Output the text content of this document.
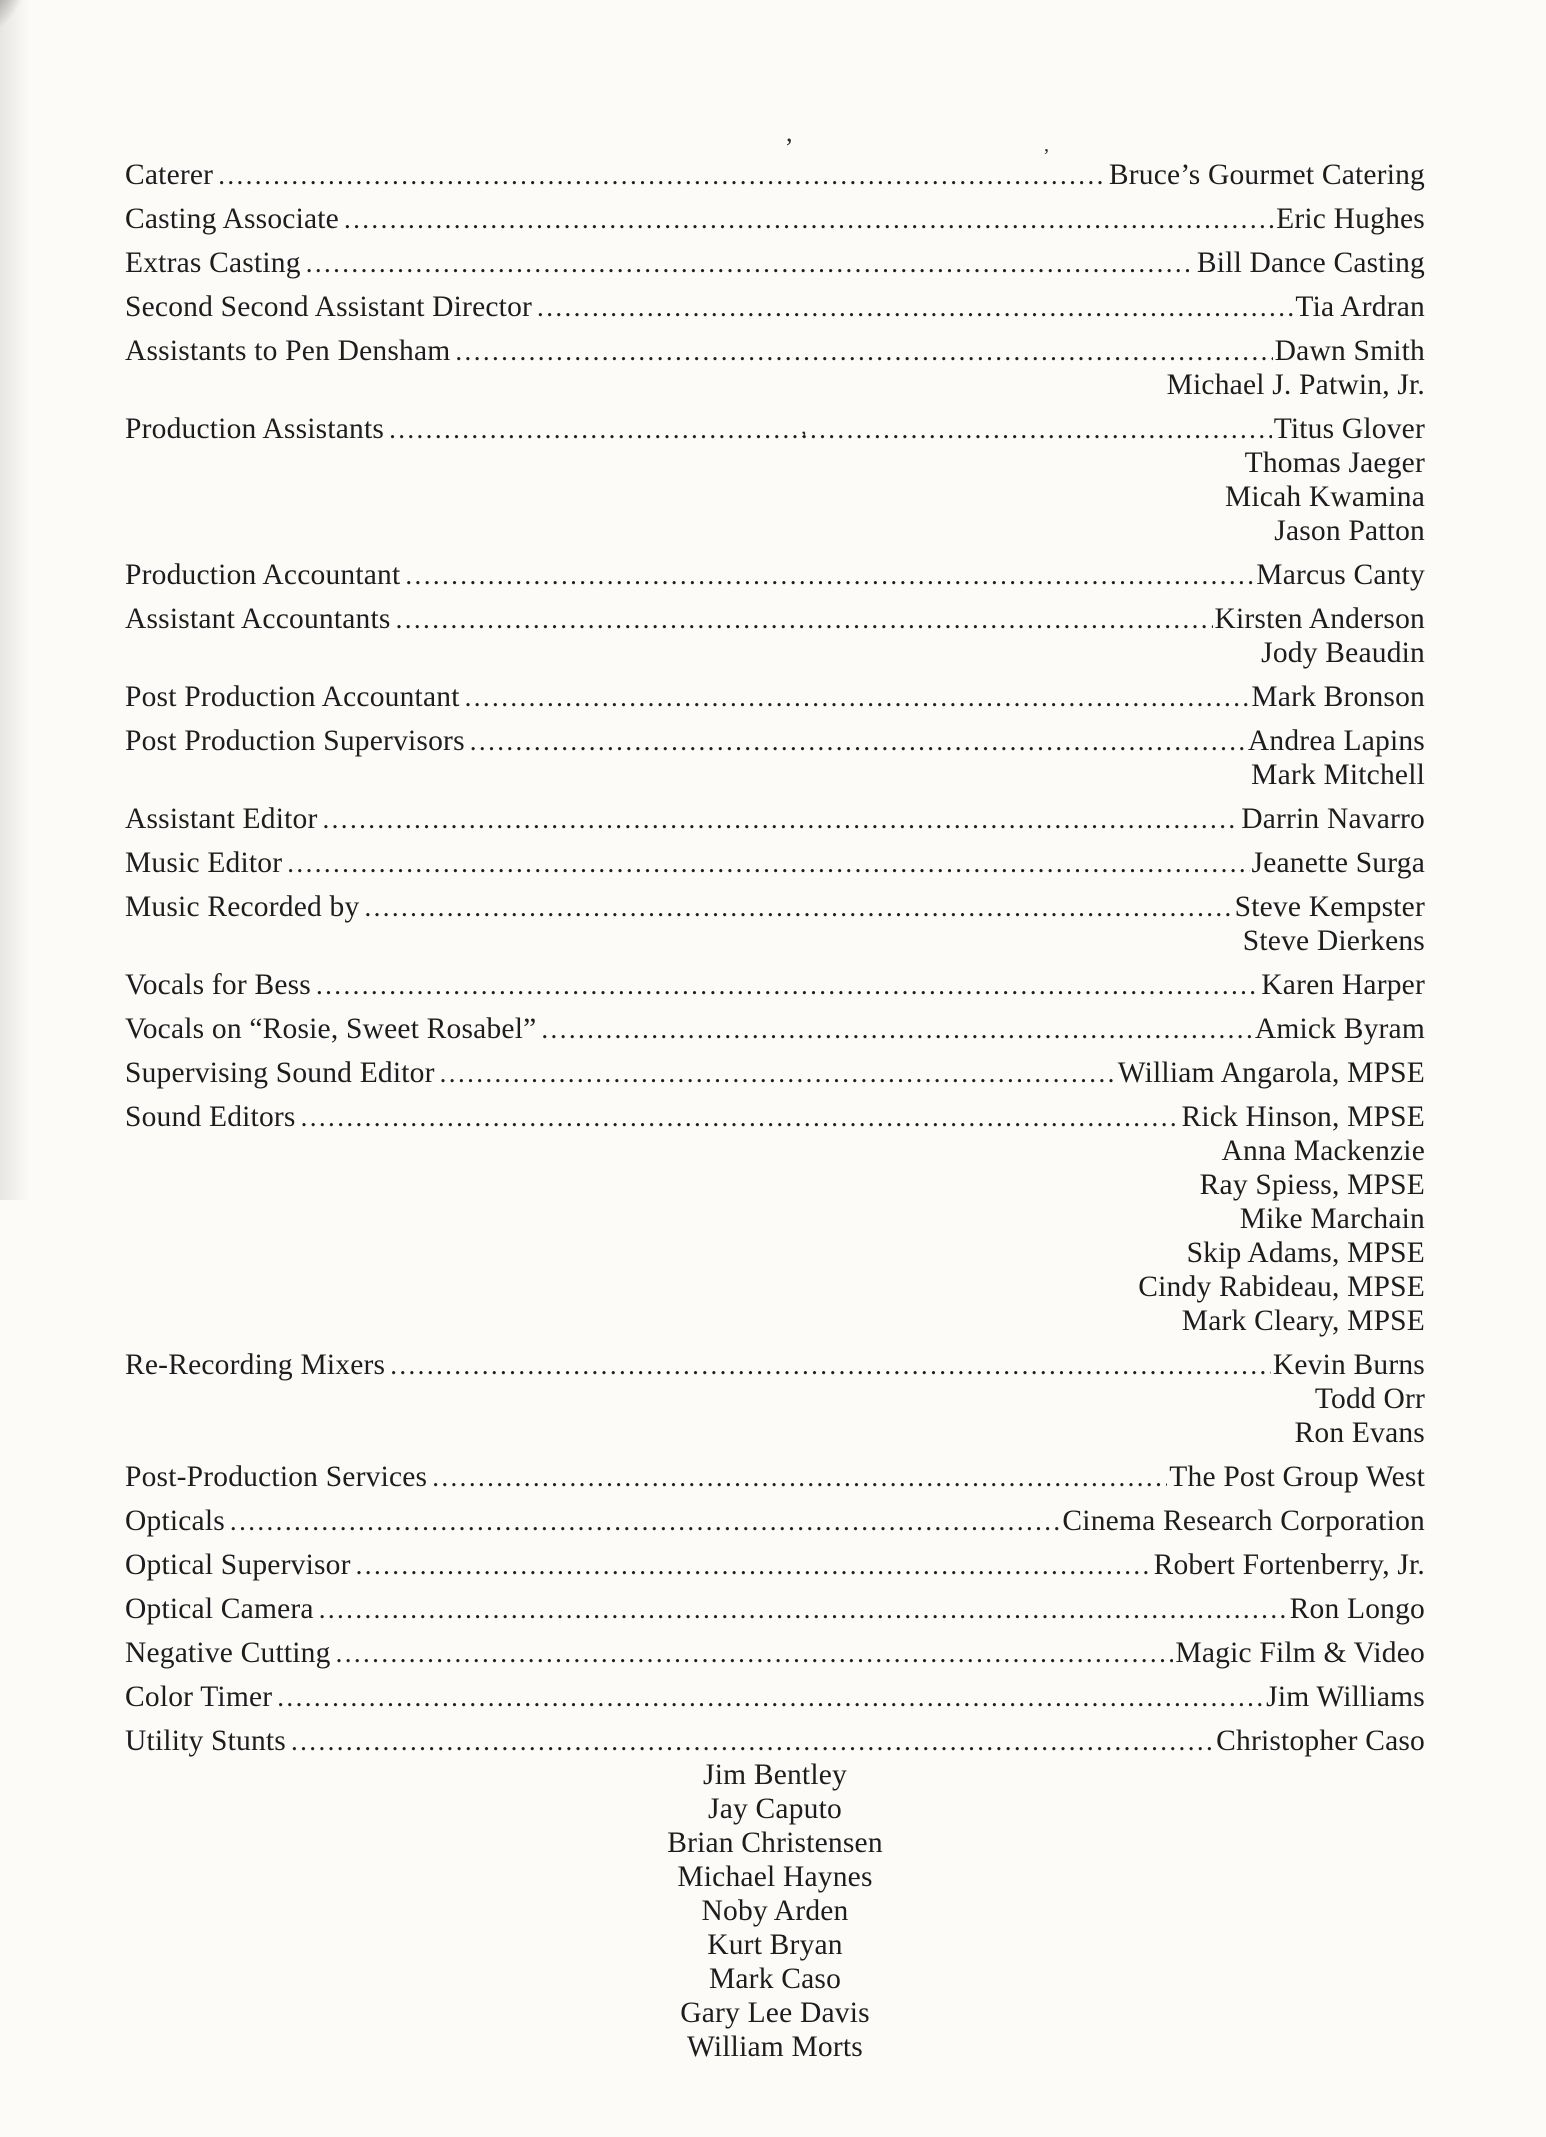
,
’
’
Caterer .....	Bruce’s Gourmet Catering
Casting Associate .....	Eric Hughes
Extras Casting .....	Bill Dance Casting
Second Second Assistant Director .....	Tia Ardran
Assistants to Pen Densham .....	Dawn Smith
Michael J. Patwin, Jr.
Production Assistants .....	Titus Glover
Thomas Jaeger
Micah Kwamina
Jason Patton
Production Accountant .....	Marcus Canty
Assistant Accountants .....	Kirsten Anderson
Jody Beaudin
Post Production Accountant .....	Mark Bronson
Post Production Supervisors .....	Andrea Lapins
Mark Mitchell
Assistant Editor .....	Darrin Navarro
Music Editor .....	Jeanette Surga
Music Recorded by .....	Steve Kempster
Steve Dierkens
Vocals for Bess .....	Karen Harper
Vocals on “Rosie, Sweet Rosabel” .....	Amick Byram
Supervising Sound Editor .....	William Angarola, MPSE
Sound Editors .....	Rick Hinson, MPSE
Anna Mackenzie
Ray Spiess, MPSE
Mike Marchain
Skip Adams, MPSE
Cindy Rabideau, MPSE
Mark Cleary, MPSE
Re-Recording Mixers .....	Kevin Burns
Todd Orr
Ron Evans
Post-Production Services .....	The Post Group West
Opticals .....	Cinema Research Corporation
Optical Supervisor .....	Robert Fortenberry, Jr.
Optical Camera .....	Ron Longo
Negative Cutting .....	Magic Film & Video
Color Timer .....	Jim Williams
Utility Stunts .....	Christopher Caso
Jim Bentley
Jay Caputo
Brian Christensen
Michael Haynes
Noby Arden
Kurt Bryan
Mark Caso
Gary Lee Davis
William Morts
